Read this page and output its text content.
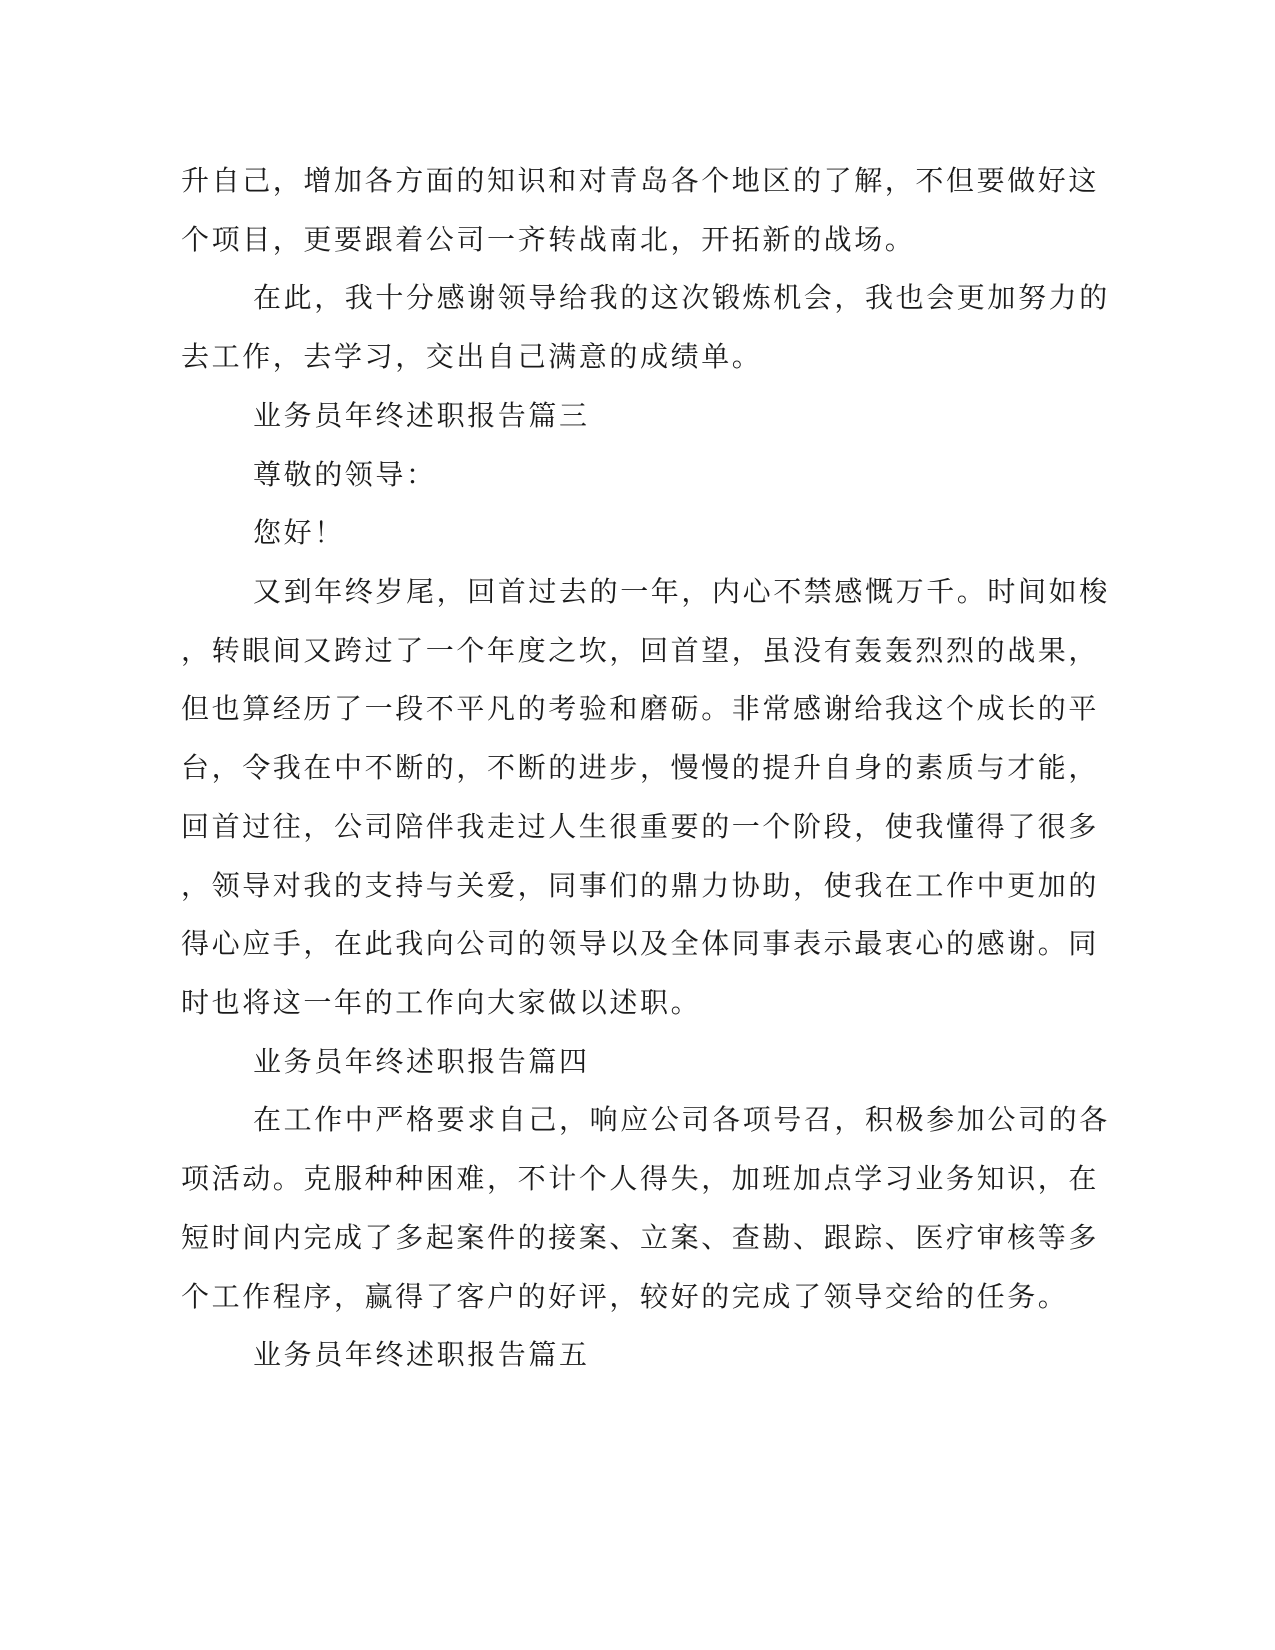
升自己，增加各方面的知识和对青岛各个地区的了解，不但要做好这
个项目，更要跟着公司一齐转战南北，开拓新的战场。
在此，我十分感谢领导给我的这次锻炼机会，我也会更加努力的
去工作，去学习，交出自己满意的成绩单。
业务员年终述职报告篇三
尊敬的领导：
您好！
又到年终岁尾，回首过去的一年，内心不禁感慨万千。时间如梭
，转眼间又跨过了一个年度之坎，回首望，虽没有轰轰烈烈的战果，
但也算经历了一段不平凡的考验和磨砺。非常感谢给我这个成长的平
台，令我在中不断的，不断的进步，慢慢的提升自身的素质与才能，
回首过往，公司陪伴我走过人生很重要的一个阶段，使我懂得了很多
，领导对我的支持与关爱，同事们的鼎力协助，使我在工作中更加的
得心应手，在此我向公司的领导以及全体同事表示最衷心的感谢。同
时也将这一年的工作向大家做以述职。
业务员年终述职报告篇四
在工作中严格要求自己，响应公司各项号召，积极参加公司的各
项活动。克服种种困难，不计个人得失，加班加点学习业务知识，在
短时间内完成了多起案件的接案、立案、查勘、跟踪、医疗审核等多
个工作程序，赢得了客户的好评，较好的完成了领导交给的任务。
业务员年终述职报告篇五
